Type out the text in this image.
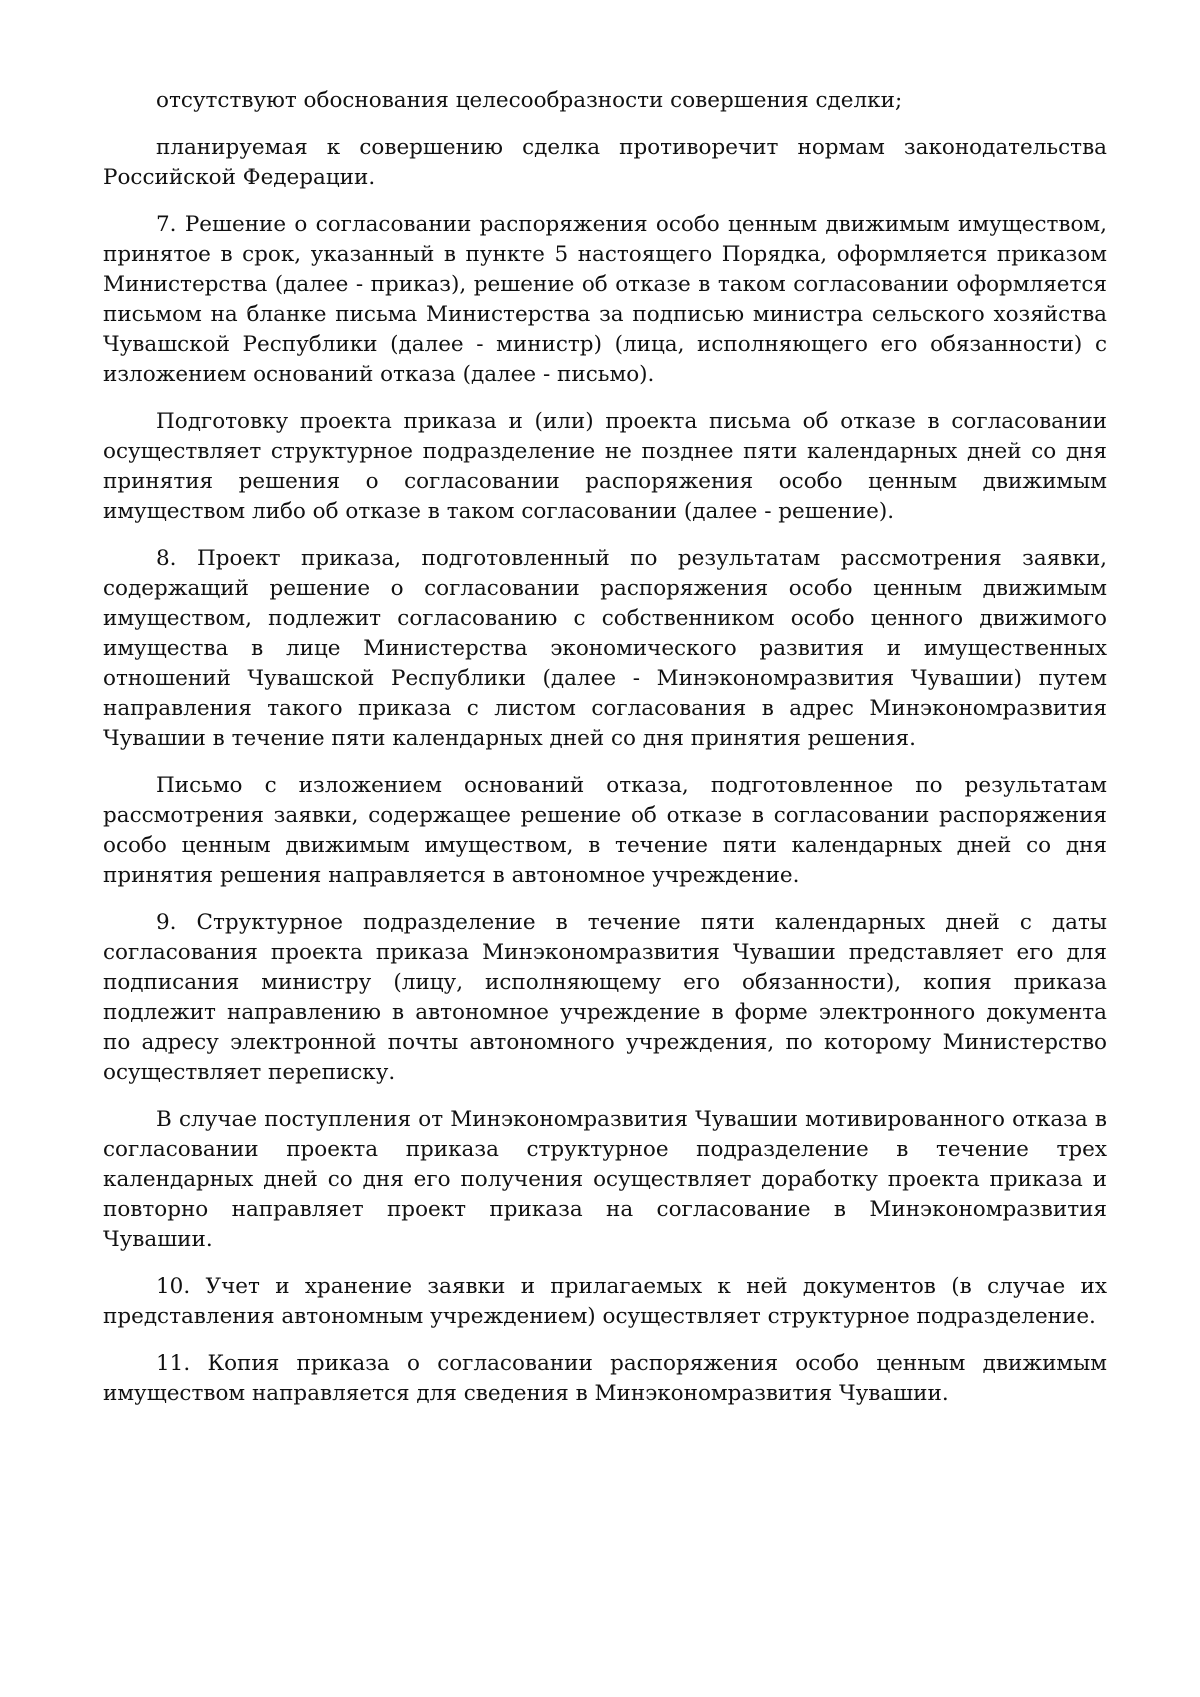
отсутствуют обоснования целесообразности совершения сделки;

планируемая к совершению сделка противоречит нормам законодательства Российской Федерации.

7. Решение о согласовании распоряжения особо ценным движимым имуществом, принятое в срок, указанный в пункте 5 настоящего Порядка, оформляется приказом Министерства (далее - приказ), решение об отказе в таком согласовании оформляется письмом на бланке письма Министерства за подписью министра сельского хозяйства Чувашской Республики (далее - министр) (лица, исполняющего его обязанности) с изложением оснований отказа (далее - письмо).

Подготовку проекта приказа и (или) проекта письма об отказе в согласовании осуществляет структурное подразделение не позднее пяти календарных дней со дня принятия решения о согласовании распоряжения особо ценным движимым имуществом либо об отказе в таком согласовании (далее - решение).

8. Проект приказа, подготовленный по результатам рассмотрения заявки, содержащий решение о согласовании распоряжения особо ценным движимым имуществом, подлежит согласованию с собственником особо ценного движимого имущества в лице Министерства экономического развития и имущественных отношений Чувашской Республики (далее - Минэкономразвития Чувашии) путем направления такого приказа с листом согласования в адрес Минэкономразвития Чувашии в течение пяти календарных дней со дня принятия решения.

Письмо с изложением оснований отказа, подготовленное по результатам рассмотрения заявки, содержащее решение об отказе в согласовании распоряжения особо ценным движимым имуществом, в течение пяти календарных дней со дня принятия решения направляется в автономное учреждение.

9. Структурное подразделение в течение пяти календарных дней с даты согласования проекта приказа Минэкономразвития Чувашии представляет его для подписания министру (лицу, исполняющему его обязанности), копия приказа подлежит направлению в автономное учреждение в форме электронного документа по адресу электронной почты автономного учреждения, по которому Министерство осуществляет переписку.

В случае поступления от Минэкономразвития Чувашии мотивированного отказа в согласовании проекта приказа структурное подразделение в течение трех календарных дней со дня его получения осуществляет доработку проекта приказа и повторно направляет проект приказа на согласование в Минэкономразвития Чувашии.

10. Учет и хранение заявки и прилагаемых к ней документов (в случае их представления автономным учреждением) осуществляет структурное подразделение.

11. Копия приказа о согласовании распоряжения особо ценным движимым имуществом направляется для сведения в Минэкономразвития Чувашии.
